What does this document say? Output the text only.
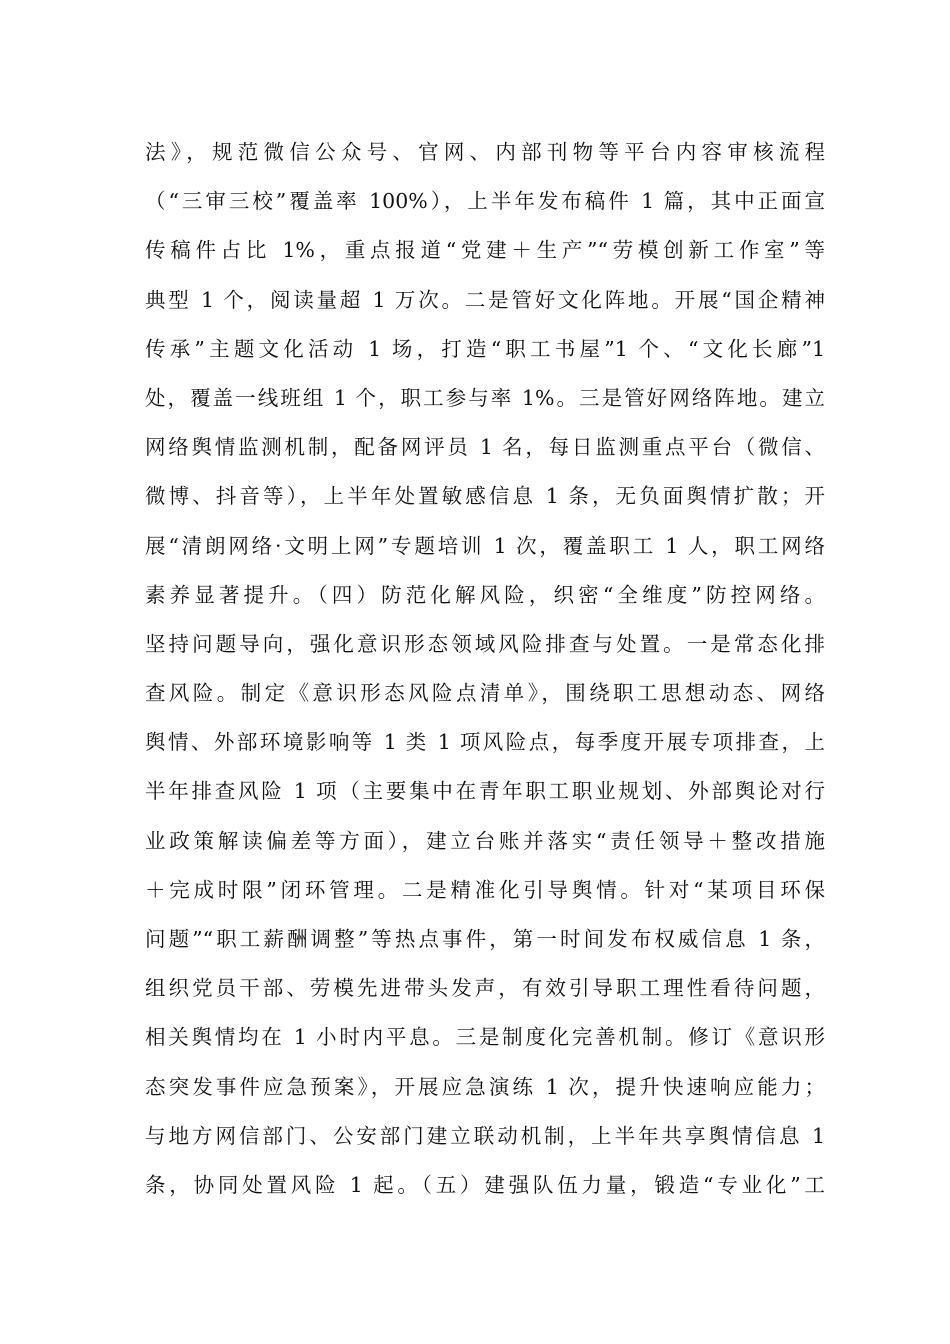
法》，规范微信公众号、官网、内部刊物等平台内容审核流程
（“三审三校”覆盖率 100%），上半年发布稿件 1 篇，其中正面宣
传稿件占比 1%，重点报道“党建＋生产”“劳模创新工作室”等
典型 1 个，阅读量超 1 万次。二是管好文化阵地。开展“国企精神
传承”主题文化活动 1 场，打造“职工书屋”1 个、“文化长廊”1
处，覆盖一线班组 1 个，职工参与率 1%。三是管好网络阵地。建立
网络舆情监测机制，配备网评员 1 名，每日监测重点平台（微信、
微博、抖音等），上半年处置敏感信息 1 条，无负面舆情扩散；开
展“清朗网络·文明上网”专题培训 1 次，覆盖职工 1 人，职工网络
素养显著提升。（四）防范化解风险，织密“全维度”防控网络。
坚持问题导向，强化意识形态领域风险排查与处置。一是常态化排
查风险。制定《意识形态风险点清单》，围绕职工思想动态、网络
舆情、外部环境影响等 1 类 1 项风险点，每季度开展专项排查，上
半年排查风险 1 项（主要集中在青年职工职业规划、外部舆论对行
业政策解读偏差等方面），建立台账并落实“责任领导＋整改措施
＋完成时限”闭环管理。二是精准化引导舆情。针对“某项目环保
问题”“职工薪酬调整”等热点事件，第一时间发布权威信息 1 条，
组织党员干部、劳模先进带头发声，有效引导职工理性看待问题，
相关舆情均在 1 小时内平息。三是制度化完善机制。修订《意识形
态突发事件应急预案》，开展应急演练 1 次，提升快速响应能力；
与地方网信部门、公安部门建立联动机制，上半年共享舆情信息 1
条，协同处置风险 1 起。（五）建强队伍力量，锻造“专业化”工
